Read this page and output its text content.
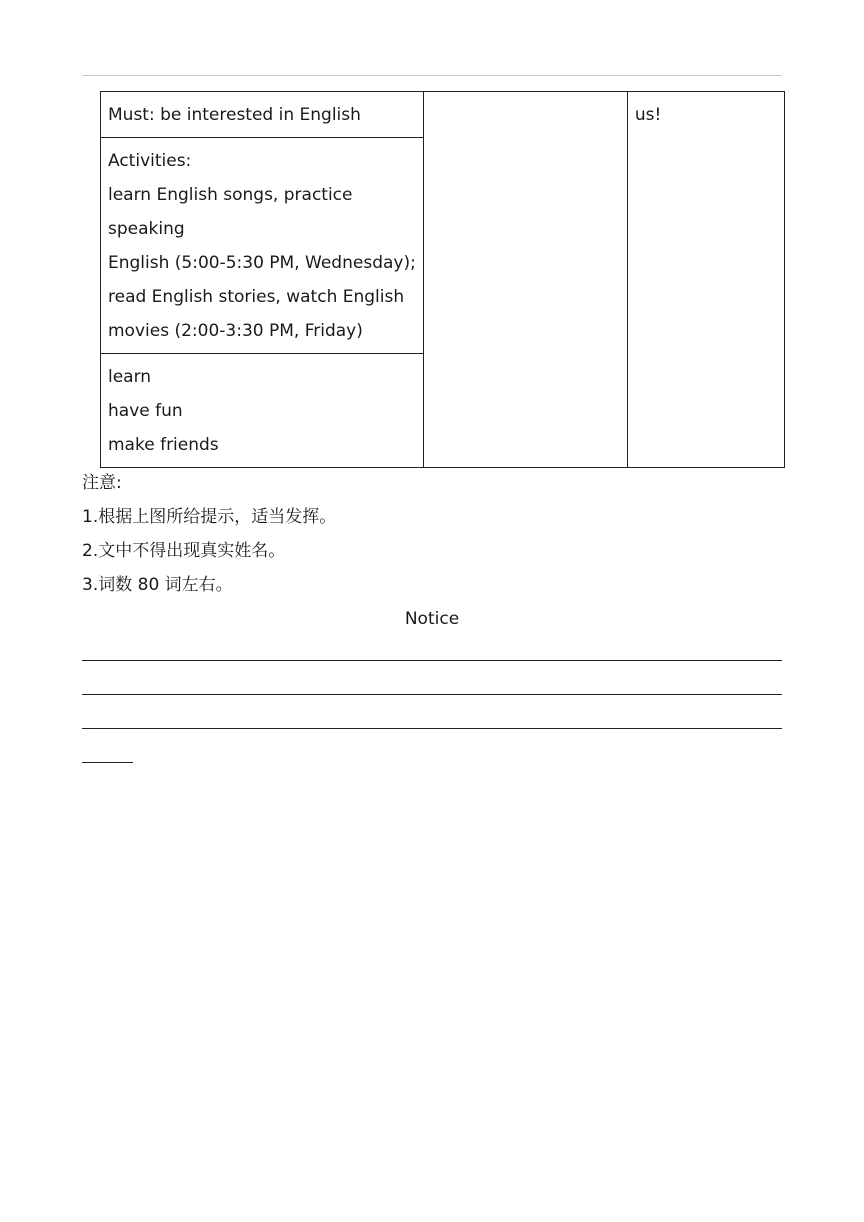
Must: be interested in English		us!

Activities:
learn English songs, practice
speaking
English (5:00-5:30 PM, Wednesday);
read English stories, watch English
movies (2:00-3:30 PM, Friday)

learn
have fun
make friends
注意:
1.根据上图所给提示，适当发挥。
2.文中不得出现真实姓名。
3.词数 80 词左右。
Notice
